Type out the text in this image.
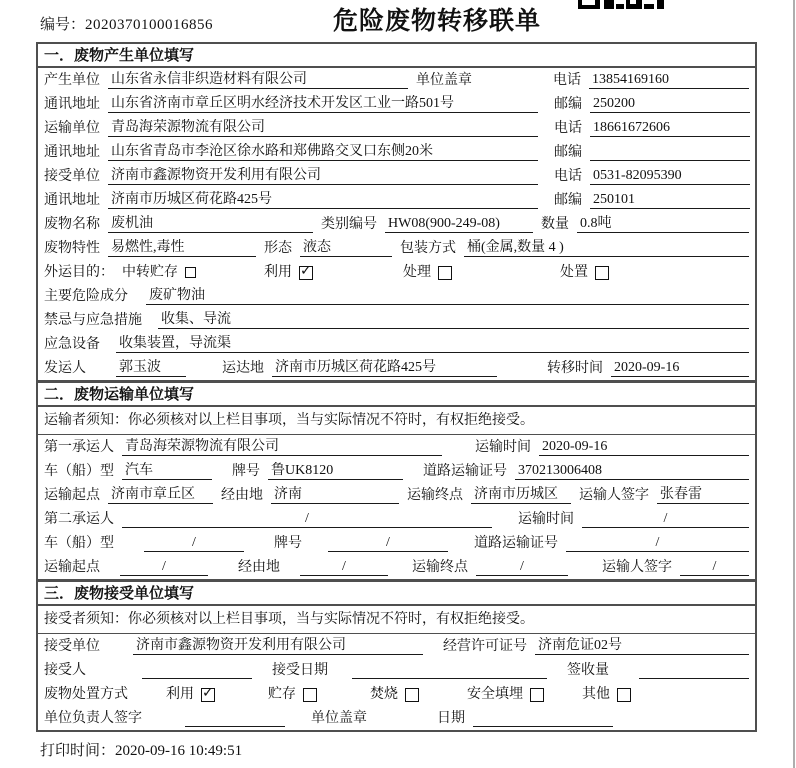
编号：2020370100016856	危险废物转移联单
一．废物产生单位填写
产生单位 山东省永信非织造材料有限公司	单位盖章	电话 13854169160
通讯地址 山东省济南市章丘区明水经济技术开发区工业一路501号	邮编 250200
运输单位 青岛海荣源物流有限公司	电话 18661672606
通讯地址 山东省青岛市李沧区徐水路和郑佛路交叉口东侧20米	邮编
接受单位 济南市鑫源物资开发利用有限公司	电话 0531-82095390
通讯地址 济南市历城区荷花路425号	邮编 250101
废物名称 废机油	类别编号 HW08(900-249-08)	数量 0.8吨
废物特性 易燃性,毒性	形态 液态	包装方式 桶(金属,数量 4 )
外运目的： 中转贮存	利用 ✓	处理	处置
主要危险成分 废矿物油
禁忌与应急措施 收集、导流
应急设备 收集装置，导流渠
发运人 郭玉波	运达地 济南市历城区荷花路425号	转移时间 2020-09-16
二．废物运输单位填写
运输者须知：你必须核对以上栏目事项，当与实际情况不符时，有权拒绝接受。
第一承运人 青岛海荣源物流有限公司	运输时间 2020-09-16
车（船）型 汽车	牌号 鲁UK8120	道路运输证号 370213006408
运输起点 济南市章丘区	经由地 济南	运输终点 济南市历城区	运输人签字 张春雷
第二承运人	/	运输时间	/
车（船）型	/	牌号	/	道路运输证号	/
运输起点	/	经由地	/	运输终点	/	运输人签字	/
三．废物接受单位填写
接受者须知：你必须核对以上栏目事项，当与实际情况不符时，有权拒绝接受。
接受单位	济南市鑫源物资开发利用有限公司	经营许可证号 济南危证02号
接受人	接受日期	签收量
废物处置方式	利用 ✓	贮存	焚烧	安全填埋	其他
单位负责人签字	单位盖章	日期
打印时间：2020-09-16 10:49:51
